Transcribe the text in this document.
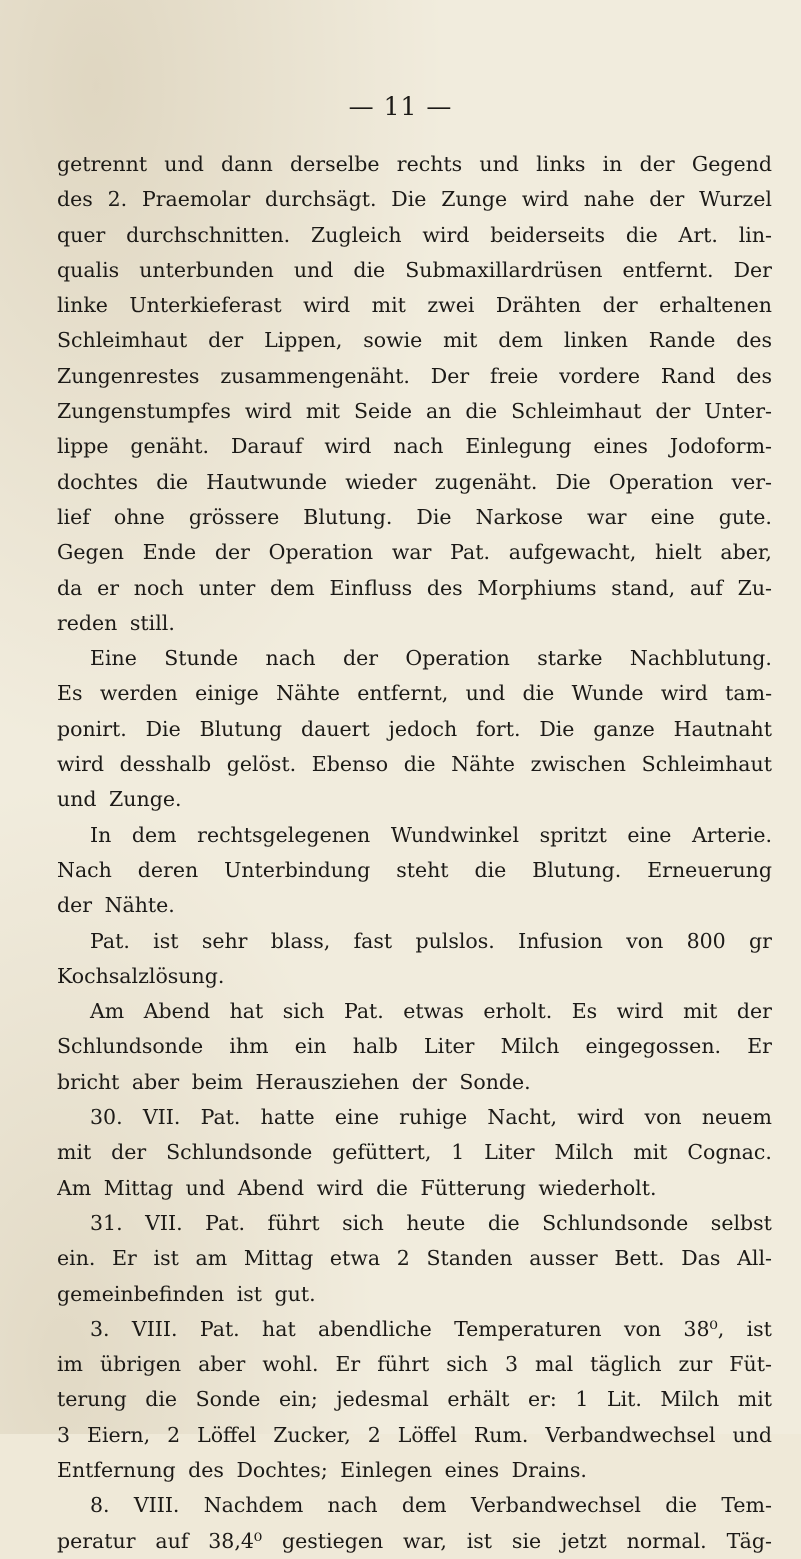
— 11 —
getrennt und dann derselbe rechts und links in der Gegend
des 2. Praemolar durchsägt. Die Zunge wird nahe der Wurzel
quer durchschnitten. Zugleich wird beiderseits die Art. lin-
qualis unterbunden und die Submaxillardrüsen entfernt. Der
linke Unterkieferast wird mit zwei Drähten der erhaltenen
Schleimhaut der Lippen, sowie mit dem linken Rande des
Zungenrestes zusammengenäht. Der freie vordere Rand des
Zungenstumpfes wird mit Seide an die Schleimhaut der Unter-
lippe genäht. Darauf wird nach Einlegung eines Jodoform-
dochtes die Hautwunde wieder zugenäht. Die Operation ver-
lief ohne grössere Blutung. Die Narkose war eine gute.
Gegen Ende der Operation war Pat. aufgewacht, hielt aber,
da er noch unter dem Einfluss des Morphiums stand, auf Zu-
reden still.
Eine Stunde nach der Operation starke Nachblutung.
Es werden einige Nähte entfernt, und die Wunde wird tam-
ponirt. Die Blutung dauert jedoch fort. Die ganze Hautnaht
wird desshalb gelöst. Ebenso die Nähte zwischen Schleimhaut
und Zunge.
In dem rechtsgelegenen Wundwinkel spritzt eine Arterie.
Nach deren Unterbindung steht die Blutung. Erneuerung
der Nähte.
Pat. ist sehr blass, fast pulslos. Infusion von 800 gr
Kochsalzlösung.
Am Abend hat sich Pat. etwas erholt. Es wird mit der
Schlundsonde ihm ein halb Liter Milch eingegossen. Er
bricht aber beim Herausziehen der Sonde.
30. VII. Pat. hatte eine ruhige Nacht, wird von neuem
mit der Schlundsonde gefüttert, 1 Liter Milch mit Cognac.
Am Mittag und Abend wird die Fütterung wiederholt.
31. VII. Pat. führt sich heute die Schlundsonde selbst
ein. Er ist am Mittag etwa 2 Standen ausser Bett. Das All-
gemeinbefinden ist gut.
3. VIII. Pat. hat abendliche Temperaturen von 38⁰, ist
im übrigen aber wohl. Er führt sich 3 mal täglich zur Füt-
terung die Sonde ein; jedesmal erhält er: 1 Lit. Milch mit
3 Eiern, 2 Löffel Zucker, 2 Löffel Rum. Verbandwechsel und
Entfernung des Dochtes; Einlegen eines Drains.
8. VIII. Nachdem nach dem Verbandwechsel die Tem-
peratur auf 38,4⁰ gestiegen war, ist sie jetzt normal. Täg-
